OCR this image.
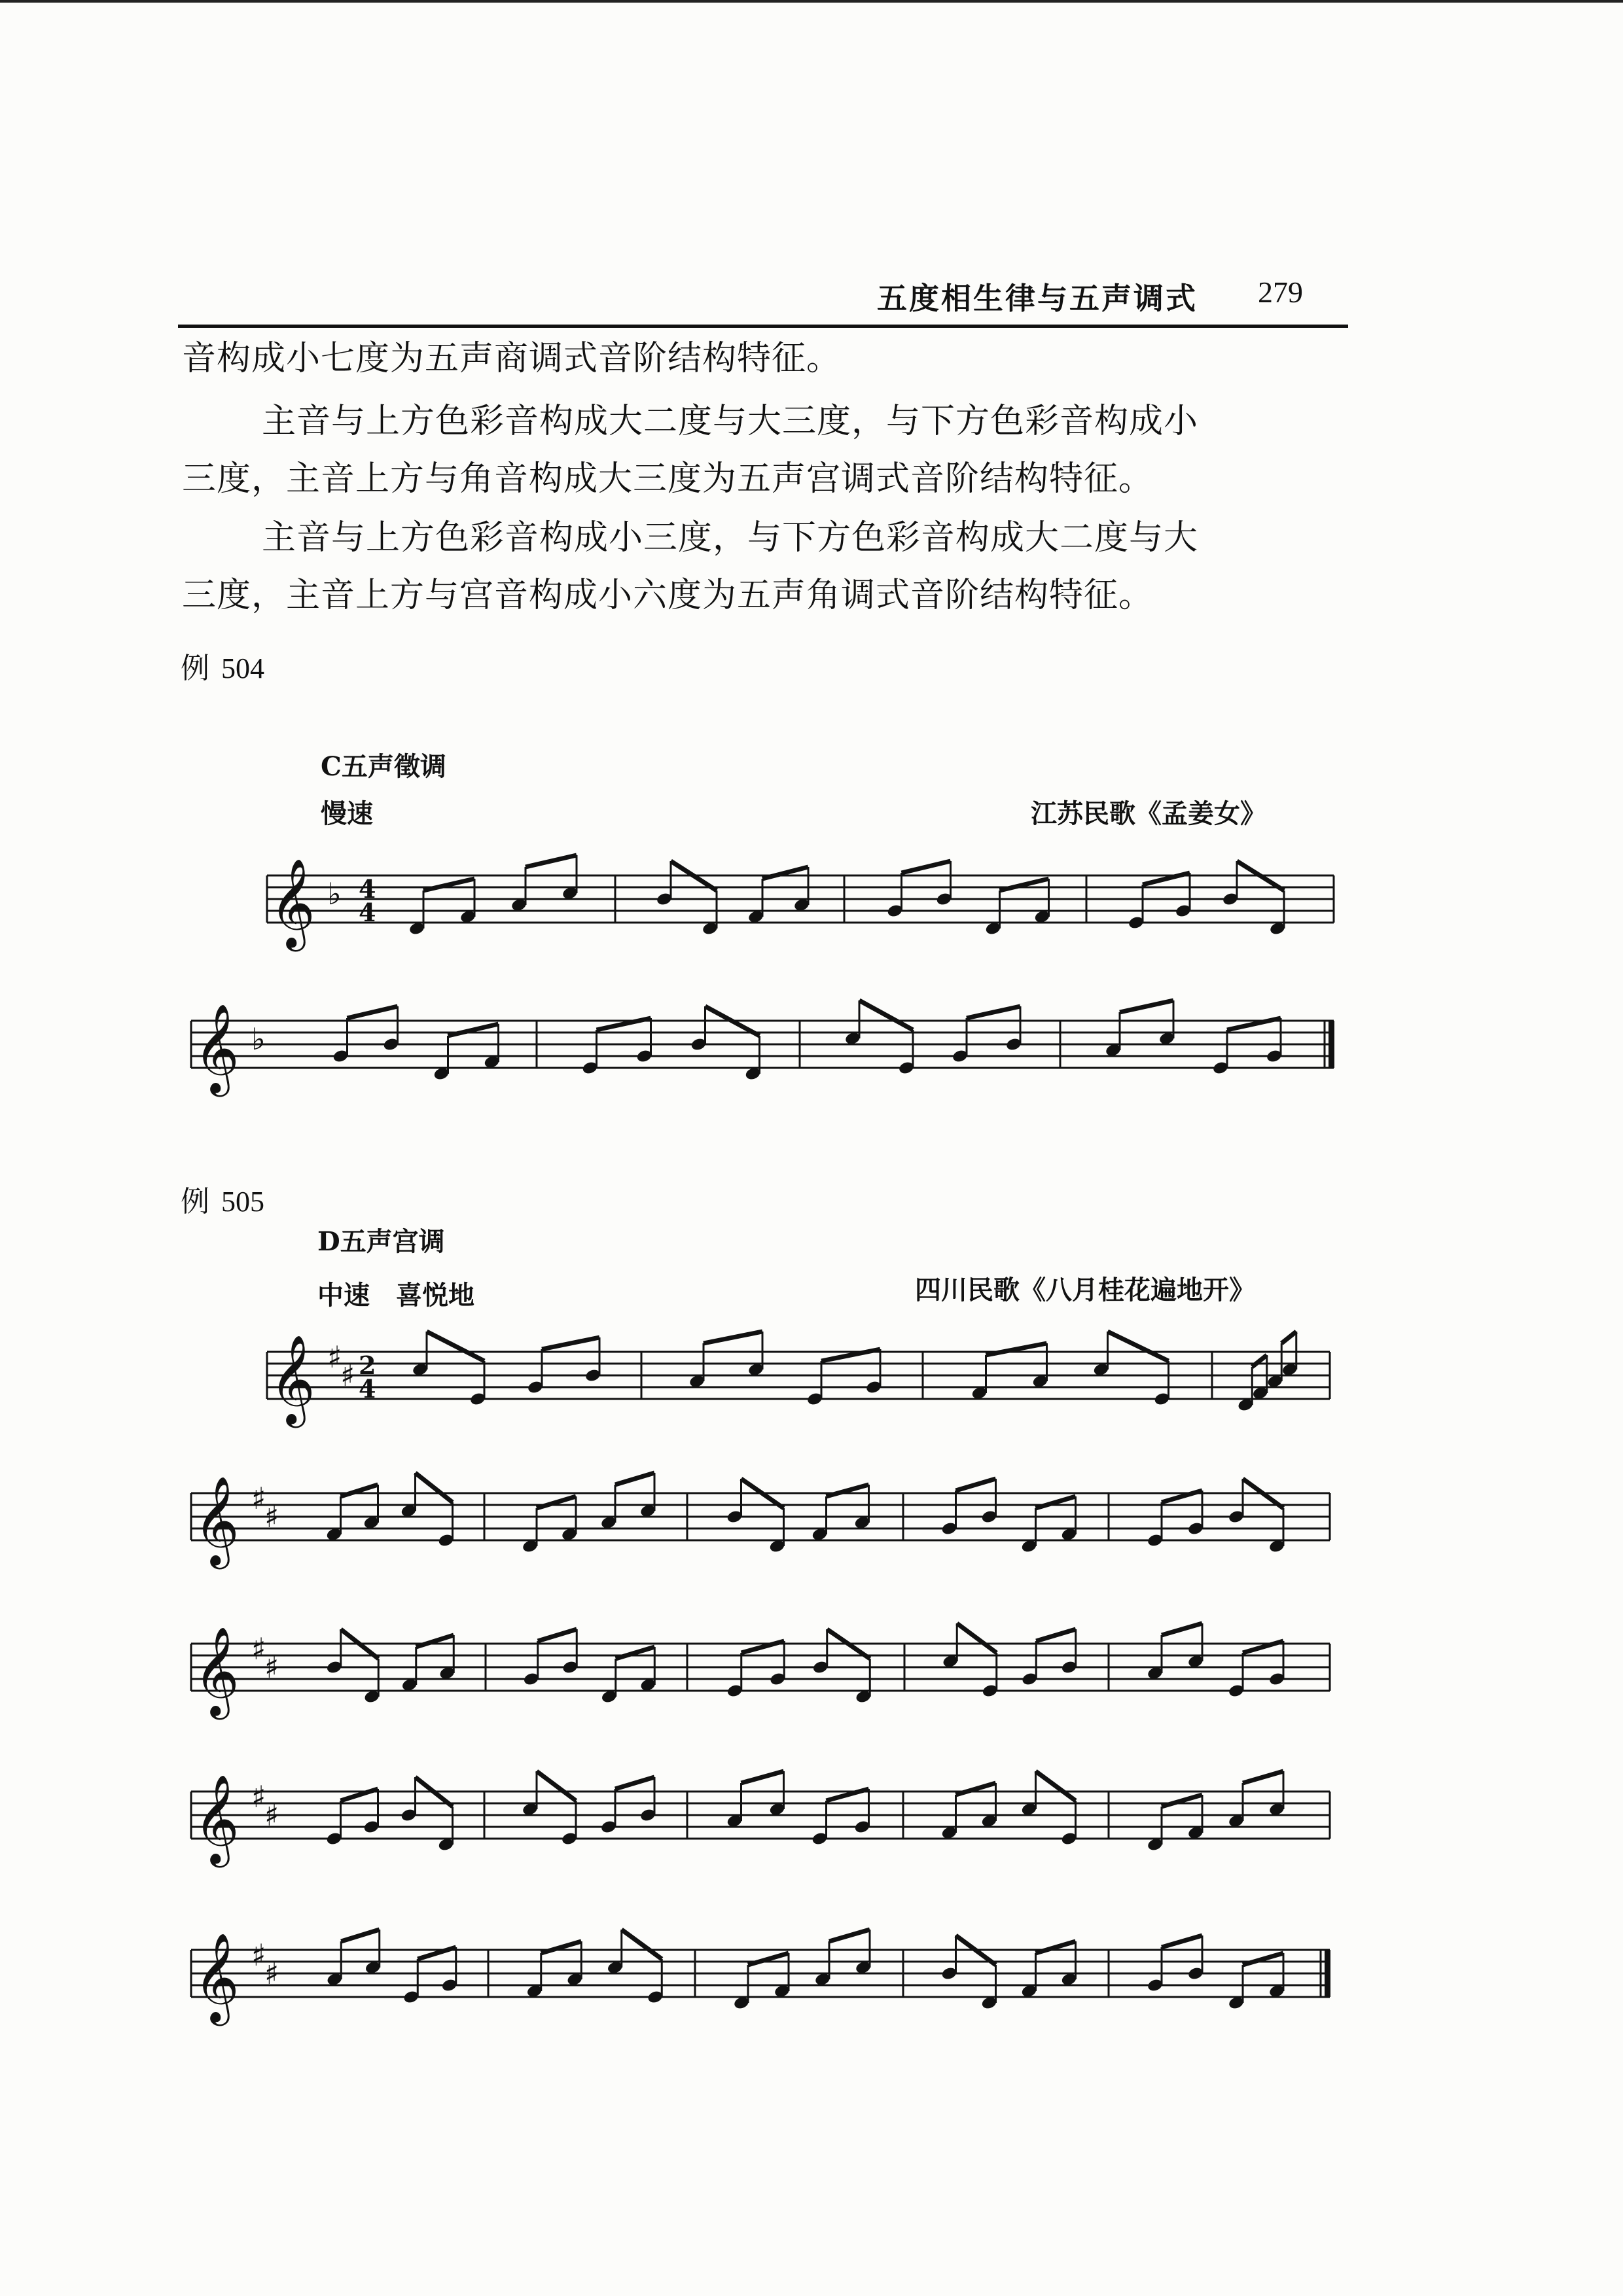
五度相生律与五声调式 279
音构成小七度为五声商调式音阶结构特征。
主音与上方色彩音构成大二度与大三度，与下方色彩音构成小
三度，主音上方与角音构成大三度为五声宫调式音阶结构特征。
主音与上方色彩音构成小三度，与下方色彩音构成大二度与大
三度，主音上方与宫音构成小六度为五声角调式音阶结构特征。
例 504
C五声徵调
慢速	江苏民歌《孟姜女》
例 505
D五声宫调
中速　喜悦地	四川民歌《八月桂花遍地开》
𝄞 ♭ 4
4
𝄞 ♭
𝄞 ♯
♯ 2
4
𝄞 ♯
♯
𝄞 ♯
♯
𝄞 ♯
♯
𝄞 ♯
♯
